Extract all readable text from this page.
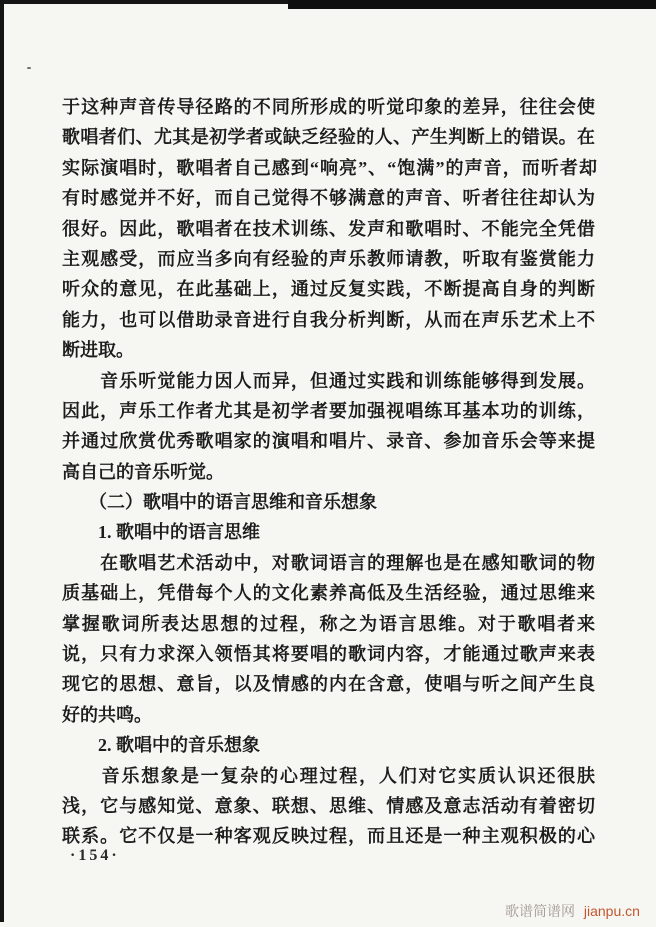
于这种声音传导径路的不同所形成的听觉印象的差异，往往会使
歌唱者们、尤其是初学者或缺乏经验的人、产生判断上的错误。在
实际演唱时，歌唱者自己感到“响亮”、“饱满”的声音，而听者却
有时感觉并不好，而自己觉得不够满意的声音、听者往往却认为
很好。因此，歌唱者在技术训练、发声和歌唱时、不能完全凭借
主观感受，而应当多向有经验的声乐教师请教，听取有鉴赏能力
听众的意见，在此基础上，通过反复实践，不断提高自身的判断
能力，也可以借助录音进行自我分析判断，从而在声乐艺术上不
断进取。
　　音乐听觉能力因人而异，但通过实践和训练能够得到发展。
因此，声乐工作者尤其是初学者要加强视唱练耳基本功的训练，
并通过欣赏优秀歌唱家的演唱和唱片、录音、参加音乐会等来提
高自己的音乐听觉。
　　（二）歌唱中的语言思维和音乐想象
　　1. 歌唱中的语言思维
　　在歌唱艺术活动中，对歌词语言的理解也是在感知歌词的物
质基础上，凭借每个人的文化素养高低及生活经验，通过思维来
掌握歌词所表达思想的过程，称之为语言思维。对于歌唱者来
说，只有力求深入领悟其将要唱的歌词内容，才能通过歌声来表
现它的思想、意旨，以及情感的内在含意，使唱与听之间产生良
好的共鸣。
　　2. 歌唱中的音乐想象
　　音乐想象是一复杂的心理过程，人们对它实质认识还很肤
浅，它与感知觉、意象、联想、思维、情感及意志活动有着密切
联系。它不仅是一种客观反映过程，而且还是一种主观积极的心
·154·
歌谱简谱网 jianpu.cn
